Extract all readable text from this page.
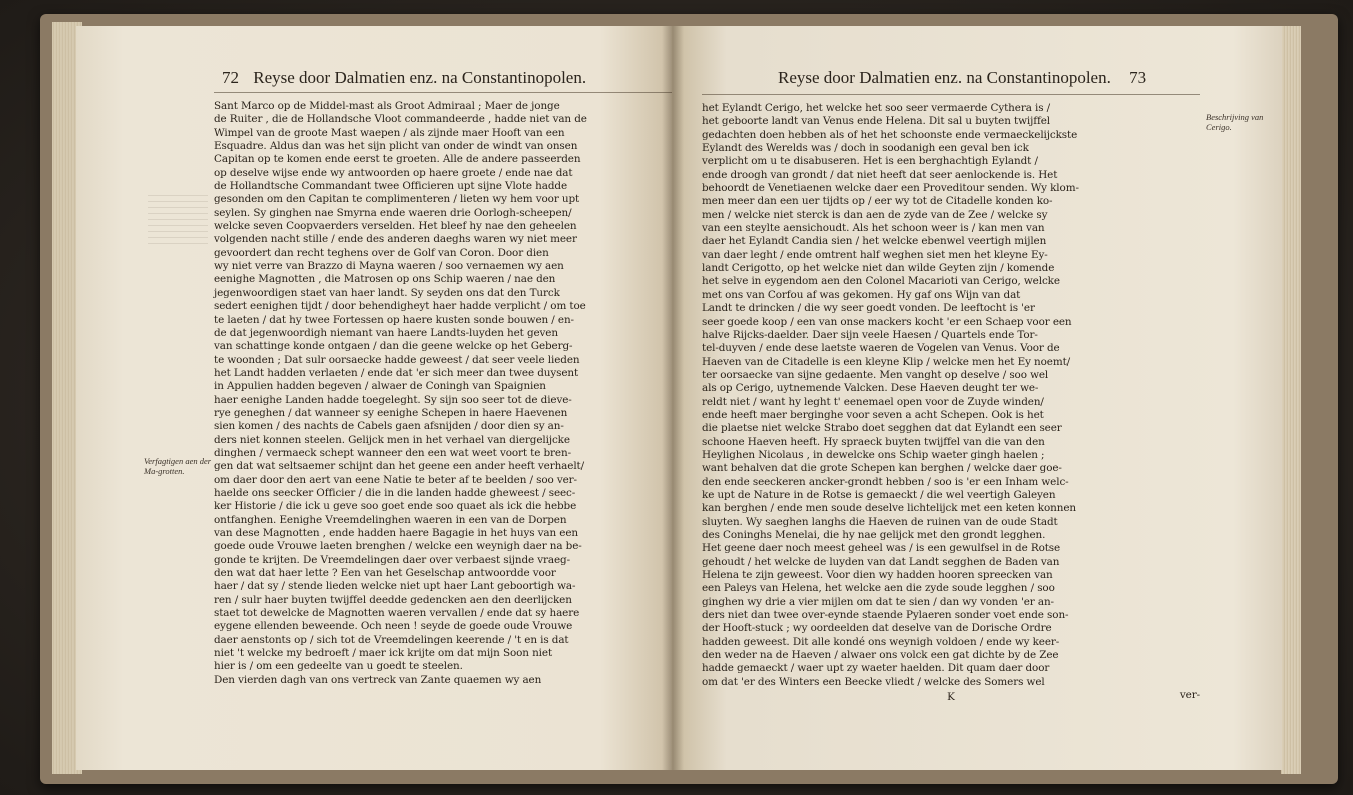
72 Reyse door Dalmatien enz. na Constantinopolen.
Verfagtigen aen der Ma-grotten.
Sant Marco op de Middel-mast als Groot Admiraal ; Maer de jonge
de Ruiter , die de Hollandsche Vloot commandeerde , hadde niet van de
Wimpel van de groote Mast waepen / als zijnde maer Hooft van een
Esquadre. Aldus dan was het sijn plicht van onder de windt van onsen
Capitan op te komen ende eerst te groeten. Alle de andere passeerden
op deselve wijse ende wy antwoorden op haere groete / ende nae dat
de Hollandtsche Commandant twee Officieren upt sijne Vlote hadde
gesonden om den Capitan te complimenteren / lieten wy hem voor upt
seylen. Sy ginghen nae Smyrna ende waeren drie Oorlogh-scheepen/
welcke seven Coopvaerders verselden. Het bleef hy nae den geheelen
volgenden nacht stille / ende des anderen daeghs waren wy niet meer
gevoordert dan recht teghens over de Golf van Coron. Door dien
wy niet verre van Brazzo di Mayna waeren / soo vernaemen wy aen
eenighe Magnotten , die Matrosen op ons Schip waeren / nae den
jegenwoordigen staet van haer landt. Sy seyden ons dat den Turck
sedert eenighen tijdt / door behendigheyt haer hadde verplicht / om toe
te laeten / dat hy twee Fortessen op haere kusten sonde bouwen / en-
de dat jegenwoordigh niemant van haere Landts-luyden het geven
van schattinge konde ontgaen / dan die geene welcke op het Geberg-
te woonden ; Dat sulr oorsaecke hadde geweest / dat seer veele lieden
het Landt hadden verlaeten / ende dat 'er sich meer dan twee duysent
in Appulien hadden begeven / alwaer de Coningh van Spaignien
haer eenighe Landen hadde toegeleght. Sy sijn soo seer tot de dieve-
rye geneghen / dat wanneer sy eenighe Schepen in haere Haevenen
sien komen / des nachts de Cabels gaen afsnijden / door dien sy an-
ders niet konnen steelen. Gelijck men in het verhael van diergelijcke
dinghen / vermaeck schept wanneer den een wat weet voort te bren-
gen dat wat seltsaemer schijnt dan het geene een ander heeft verhaelt/
om daer door den aert van eene Natie te beter af te beelden / soo ver-
haelde ons seecker Officier / die in die landen hadde gheweest / seec-
ker Historie / die ick u geve soo goet ende soo quaet als ick die hebbe
ontfanghen. Eenighe Vreemdelinghen waeren in een van de Dorpen
van dese Magnotten , ende hadden haere Bagagie in het huys van een
goede oude Vrouwe laeten brenghen / welcke een weynigh daer na be-
gonde te krijten. De Vreemdelingen daer over verbaest sijnde vraeg-
den wat dat haer lette ? Een van het Geselschap antwoordde voor
haer / dat sy / stende lieden welcke niet upt haer Lant geboortigh wa-
ren / sulr haer buyten twijffel deedde gedencken aen den deerlijcken
staet tot dewelcke de Magnotten waeren vervallen / ende dat sy haere
eygene ellenden beweende. Och neen ! seyde de goede oude Vrouwe
daer aenstonts op / sich tot de Vreemdelingen keerende / 't en is dat
niet 't welcke my bedroeft / maer ick krijte om dat mijn Soon niet
hier is / om een gedeelte van u goedt te steelen.
Den vierden dagh van ons vertreck van Zante quaemen wy aen
Reyse door Dalmatien enz. na Constantinopolen. 73
Beschrijving van Cerigo.
het Eylandt Cerigo, het welcke het soo seer vermaerde Cythera is /
het geboorte landt van Venus ende Helena. Dit sal u buyten twijffel
gedachten doen hebben als of het het schoonste ende vermaeckelijckste
Eylandt des Werelds was / doch in soodanigh een geval ben ick
verplicht om u te disabuseren. Het is een berghachtigh Eylandt /
ende droogh van grondt / dat niet heeft dat seer aenlockende is. Het
behoordt de Venetiaenen welcke daer een Proveditour senden. Wy klom-
men meer dan een uer tijdts op / eer wy tot de Citadelle konden ko-
men / welcke niet sterck is dan aen de zyde van de Zee / welcke sy
van een steylte aensichoudt. Als het schoon weer is / kan men van
daer het Eylandt Candia sien / het welcke ebenwel veertigh mijlen
van daer leght / ende omtrent half weghen siet men het kleyne Ey-
landt Cerigotto, op het welcke niet dan wilde Geyten zijn / komende
het selve in eygendom aen den Colonel Macarioti van Cerigo, welcke
met ons van Corfou af was gekomen. Hy gaf ons Wijn van dat
Landt te drincken / die wy seer goedt vonden. De leeftocht is 'er
seer goede koop / een van onse mackers kocht 'er een Schaep voor een
halve Rijcks-daelder. Daer sijn veele Haesen / Quartels ende Tor-
tel-duyven / ende dese laetste waeren de Vogelen van Venus. Voor de
Haeven van de Citadelle is een kleyne Klip / welcke men het Ey noemt/
ter oorsaecke van sijne gedaente. Men vanght op deselve / soo wel
als op Cerigo, uytnemende Valcken. Dese Haeven deught ter we-
reldt niet / want hy leght t' eenemael open voor de Zuyde winden/
ende heeft maer berginghe voor seven a acht Schepen. Ook is het
die plaetse niet welcke Strabo doet segghen dat dat Eylandt een seer
schoone Haeven heeft. Hy spraeck buyten twijffel van die van den
Heylighen Nicolaus , in dewelcke ons Schip waeter gingh haelen ;
want behalven dat die grote Schepen kan berghen / welcke daer goe-
den ende seeckeren ancker-grondt hebben / soo is 'er een Inham welc-
ke upt de Nature in de Rotse is gemaeckt / die wel veertigh Galeyen
kan berghen / ende men soude deselve lichtelijck met een keten konnen
sluyten. Wy saeghen langhs die Haeven de ruinen van de oude Stadt
des Coninghs Menelai, die hy nae gelijck met den grondt legghen.
Het geene daer noch meest geheel was / is een gewulfsel in de Rotse
gehoudt / het welcke de luyden van dat Landt segghen de Baden van
Helena te zijn geweest. Voor dien wy hadden hooren spreecken van
een Paleys van Helena, het welcke aen die zyde soude legghen / soo
ginghen wy drie a vier mijlen om dat te sien / dan wy vonden 'er an-
ders niet dan twee over-eynde staende Pylaeren sonder voet ende son-
der Hooft-stuck ; wy oordeelden dat deselve van de Dorische Ordre
hadden geweest. Dit alle kondé ons weynigh voldoen / ende wy keer-
den weder na de Haeven / alwaer ons volck een gat dichte by de Zee
hadde gemaeckt / waer upt zy waeter haelden. Dit quam daer door
om dat 'er des Winters een Beecke vliedt / welcke des Somers wel
K	ver-
